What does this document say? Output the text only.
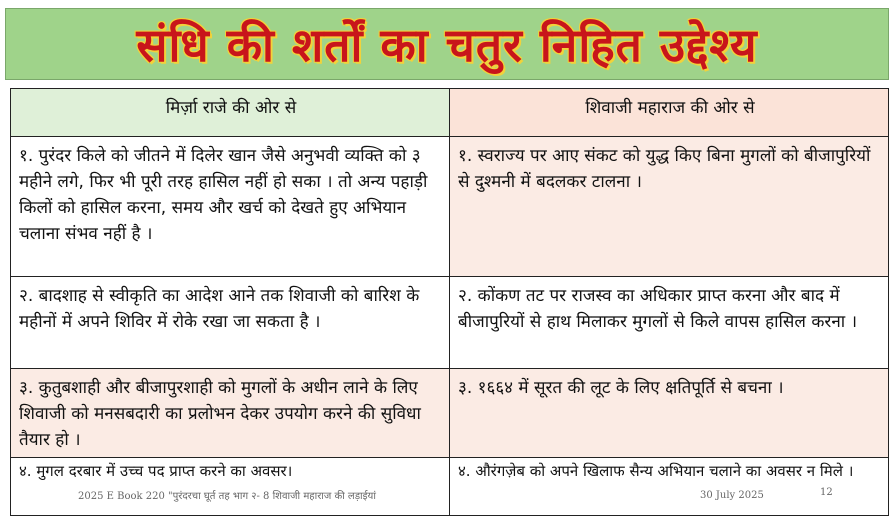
संधि की शर्तों का चतुर निहित उद्देश्य
मिर्ज़ा राजे की ओर से	शिवाजी महाराज की ओर से
१. पुरंदर किले को जीतने में दिलेर खान जैसे अनुभवी व्यक्ति को ३ महीने लगे, फिर भी पूरी तरह हासिल नहीं हो सका । तो अन्य पहाड़ी किलों को हासिल करना, समय और खर्च को देखते हुए अभियान चलाना संभव नहीं है ।	१. स्वराज्य पर आए संकट को युद्ध किए बिना मुगलों को बीजापुरियों से दुश्मनी में बदलकर टालना ।
२. बादशाह से स्वीकृति का आदेश आने तक शिवाजी को बारिश के महीनों में अपने शिविर में रोके रखा जा सकता है ।	२. कोंकण तट पर राजस्व का अधिकार प्राप्त करना और बाद में बीजापुरियों से हाथ मिलाकर मुगलों से किले वापस हासिल करना ।
३. कुतुबशाही और बीजापुरशाही को मुगलों के अधीन लाने के लिए शिवाजी को मनसबदारी का प्रलोभन देकर उपयोग करने की सुविधा तैयार हो ।	३. १६६४ में सूरत की लूट के लिए क्षतिपूर्ति से बचना ।
४. मुगल दरबार में उच्च पद प्राप्त करने का अवसर।	४. औरंगज़ेब को अपने खिलाफ सैन्य अभियान चलाने का अवसर न मिले ।
2025 E Book 220 "पुरंदरचा घूर्त तह भाग २- 8 शिवाजी महाराज की लड़ाईयां	30 July 2025	12
